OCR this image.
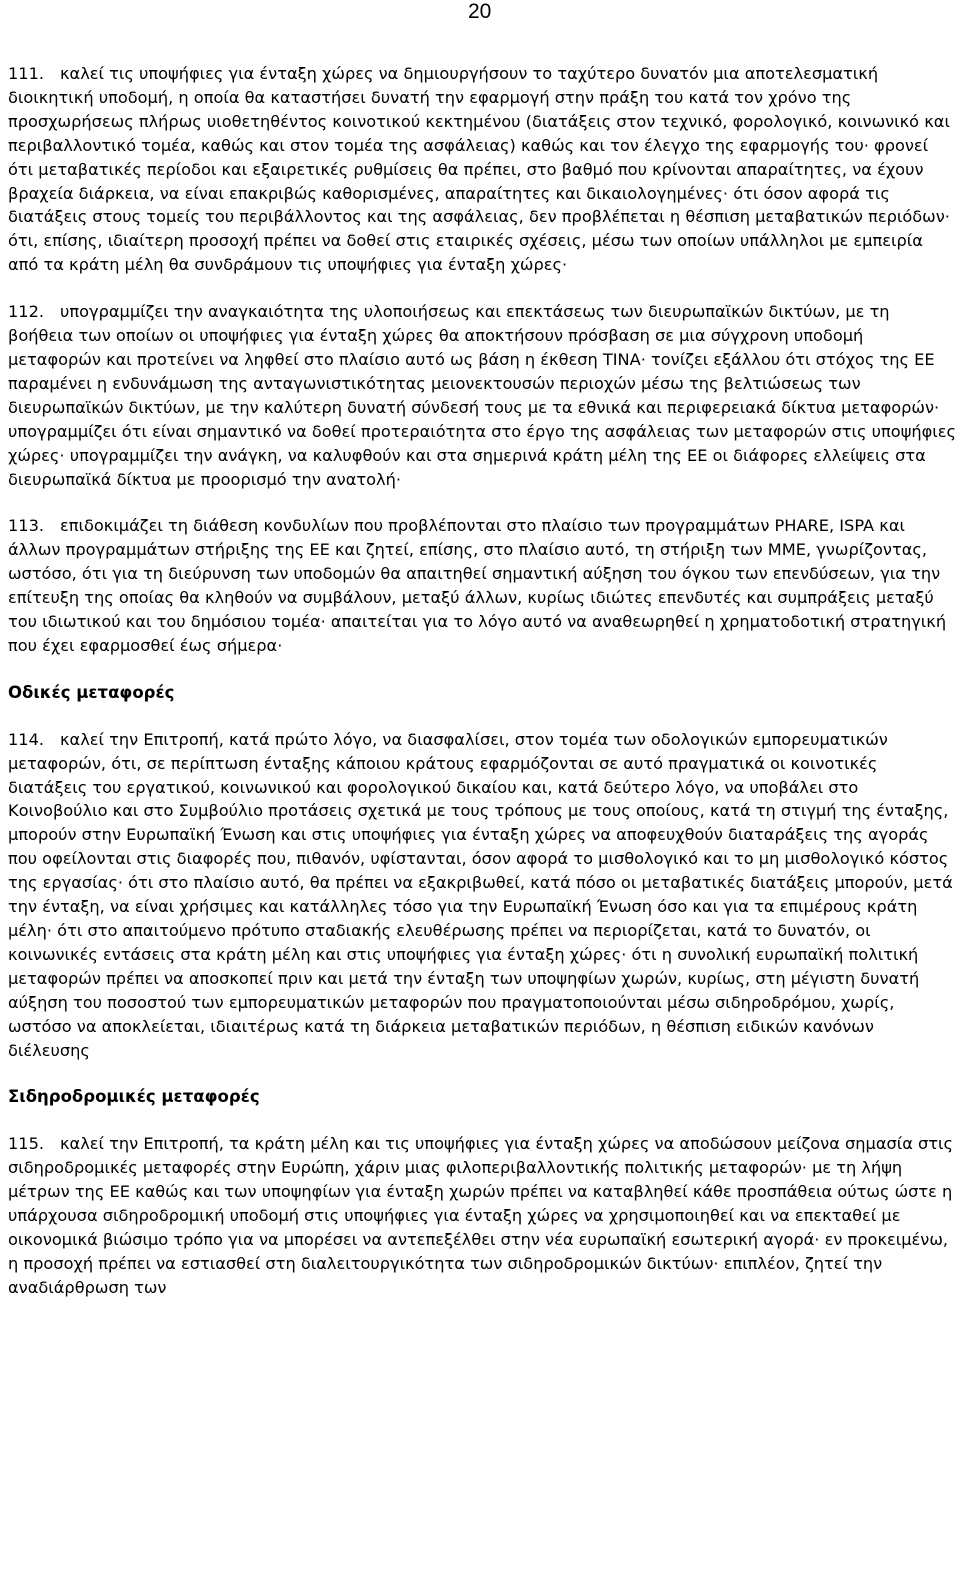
20

111. καλεί τις υποψήφιες για ένταξη χώρες να δημιουργήσουν το ταχύτερο δυνατόν μια αποτελεσματική διοικητική υποδομή, η οποία θα καταστήσει δυνατή την εφαρμογή στην πράξη του κατά τον χρόνο της προσχωρήσεως πλήρως υιοθετηθέντος κοινοτικού κεκτημένου (διατάξεις στον τεχνικό, φορολογικό, κοινωνικό και περιβαλλοντικό τομέα, καθώς και στον τομέα της ασφάλειας) καθώς και τον έλεγχο της εφαρμογής του· φρονεί ότι μεταβατικές περίοδοι και εξαιρετικές ρυθμίσεις θα πρέπει, στο βαθμό που κρίνονται απαραίτητες, να έχουν βραχεία διάρκεια, να είναι επακριβώς καθορισμένες, απαραίτητες και δικαιολογημένες· ότι όσον αφορά τις διατάξεις στους τομείς του περιβάλλοντος και της ασφάλειας, δεν προβλέπεται η θέσπιση μεταβατικών περιόδων· ότι, επίσης, ιδιαίτερη προσοχή πρέπει να δοθεί στις εταιρικές σχέσεις, μέσω των οποίων υπάλληλοι με εμπειρία από τα κράτη μέλη θα συνδράμουν τις υποψήφιες για ένταξη χώρες·

112. υπογραμμίζει την αναγκαιότητα της υλοποιήσεως και επεκτάσεως των διευρωπαϊκών δικτύων, με τη βοήθεια των οποίων οι υποψήφιες για ένταξη χώρες θα αποκτήσουν πρόσβαση σε μια σύγχρονη υποδομή μεταφορών και προτείνει να ληφθεί στο πλαίσιο αυτό ως βάση η έκθεση TINA· τονίζει εξάλλου ότι στόχος της ΕΕ παραμένει η ενδυνάμωση της ανταγωνιστικότητας μειονεκτουσών περιοχών μέσω της βελτιώσεως των διευρωπαϊκών δικτύων, με την καλύτερη δυνατή σύνδεσή τους με τα εθνικά και περιφερειακά δίκτυα μεταφορών· υπογραμμίζει ότι είναι σημαντικό να δοθεί προτεραιότητα στο έργο της ασφάλειας των μεταφορών στις υποψήφιες χώρες· υπογραμμίζει την ανάγκη, να καλυφθούν και στα σημερινά κράτη μέλη της ΕΕ οι διάφορες ελλείψεις στα διευρωπαϊκά δίκτυα με προορισμό την ανατολή·

113. επιδοκιμάζει τη διάθεση κονδυλίων που προβλέπονται στο πλαίσιο των προγραμμάτων PHARE, ISPA και άλλων προγραμμάτων στήριξης της ΕΕ και ζητεί, επίσης, στο πλαίσιο αυτό, τη στήριξη των ΜΜΕ, γνωρίζοντας, ωστόσο, ότι για τη διεύρυνση των υποδομών θα απαιτηθεί σημαντική αύξηση του όγκου των επενδύσεων, για την επίτευξη της οποίας θα κληθούν να συμβάλουν, μεταξύ άλλων, κυρίως ιδιώτες επενδυτές και συμπράξεις μεταξύ του ιδιωτικού και του δημόσιου τομέα· απαιτείται για το λόγο αυτό να αναθεωρηθεί η χρηματοδοτική στρατηγική που έχει εφαρμοσθεί έως σήμερα·

Οδικές μεταφορές

114. καλεί την Επιτροπή, κατά πρώτο λόγο, να διασφαλίσει, στον τομέα των οδολογικών εμπορευματικών μεταφορών, ότι, σε περίπτωση ένταξης κάποιου κράτους εφαρμόζονται σε αυτό πραγματικά οι κοινοτικές διατάξεις του εργατικού, κοινωνικού και φορολογικού δικαίου και, κατά δεύτερο λόγο, να υποβάλει στο Κοινοβούλιο και στο Συμβούλιο προτάσεις σχετικά με τους τρόπους με τους οποίους, κατά τη στιγμή της ένταξης, μπορούν στην Ευρωπαϊκή Ένωση και στις υποψήφιες για ένταξη χώρες να αποφευχθούν διαταράξεις της αγοράς που οφείλονται στις διαφορές που, πιθανόν, υφίστανται, όσον αφορά το μισθολογικό και το μη μισθολογικό κόστος της εργασίας· ότι στο πλαίσιο αυτό, θα πρέπει να εξακριβωθεί, κατά πόσο οι μεταβατικές διατάξεις μπορούν, μετά την ένταξη, να είναι χρήσιμες και κατάλληλες τόσο για την Ευρωπαϊκή Ένωση όσο και για τα επιμέρους κράτη μέλη· ότι στο απαιτούμενο πρότυπο σταδιακής ελευθέρωσης πρέπει να περιορίζεται, κατά το δυνατόν, οι κοινωνικές εντάσεις στα κράτη μέλη και στις υποψήφιες για ένταξη χώρες· ότι η συνολική ευρωπαϊκή πολιτική μεταφορών πρέπει να αποσκοπεί πριν και μετά την ένταξη των υποψηφίων χωρών, κυρίως, στη μέγιστη δυνατή αύξηση του ποσοστού των εμπορευματικών μεταφορών που πραγματοποιούνται μέσω σιδηροδρόμου, χωρίς, ωστόσο να αποκλείεται, ιδιαιτέρως κατά τη διάρκεια μεταβατικών περιόδων, η θέσπιση ειδικών κανόνων διέλευσης

Σιδηροδρομικές μεταφορές

115. καλεί την Επιτροπή, τα κράτη μέλη και τις υποψήφιες για ένταξη χώρες να αποδώσουν μείζονα σημασία στις σιδηροδρομικές μεταφορές στην Ευρώπη, χάριν μιας φιλοπεριβαλλοντικής πολιτικής μεταφορών· με τη λήψη μέτρων της ΕΕ καθώς και των υποψηφίων για ένταξη χωρών πρέπει να καταβληθεί κάθε προσπάθεια ούτως ώστε η υπάρχουσα σιδηροδρομική υποδομή στις υποψήφιες για ένταξη χώρες να χρησιμοποιηθεί και να επεκταθεί με οικονομικά βιώσιμο τρόπο για να μπορέσει να αντεπεξέλθει στην νέα ευρωπαϊκή εσωτερική αγορά· εν προκειμένω, η προσοχή πρέπει να εστιασθεί στη διαλειτουργικότητα των σιδηροδρομικών δικτύων· επιπλέον, ζητεί την αναδιάρθρωση των
